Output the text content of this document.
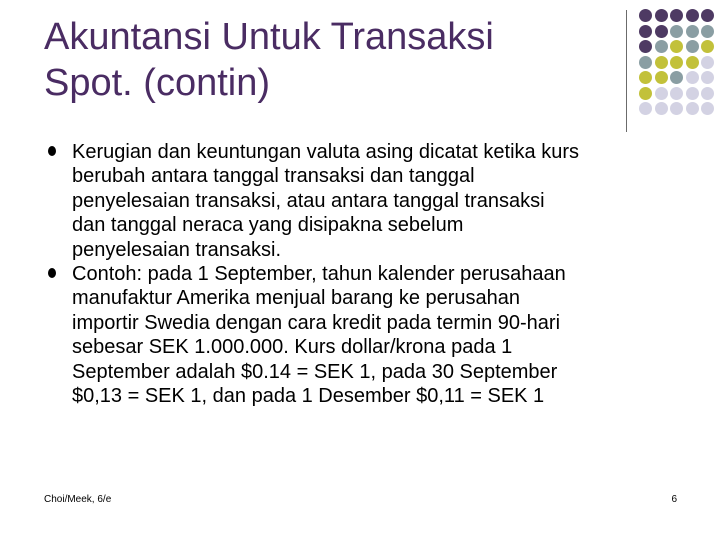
Akuntansi Untuk Transaksi
Spot. (contin)
Kerugian dan keuntungan valuta asing dicatat ketika kurs
berubah antara tanggal transaksi dan tanggal
penyelesaian transaksi, atau antara tanggal transaksi
dan tanggal neraca yang disipakna sebelum
penyelesaian transaksi.
Contoh: pada 1 September, tahun kalender perusahaan
manufaktur Amerika menjual barang ke perusahan
importir Swedia dengan cara kredit pada termin 90-hari
sebesar SEK 1.000.000. Kurs dollar/krona pada 1
September adalah $0.14 = SEK 1, pada 30 September
$0,13 = SEK 1, dan pada 1 Desember $0,11 = SEK 1
Choi/Meek, 6/e	6
